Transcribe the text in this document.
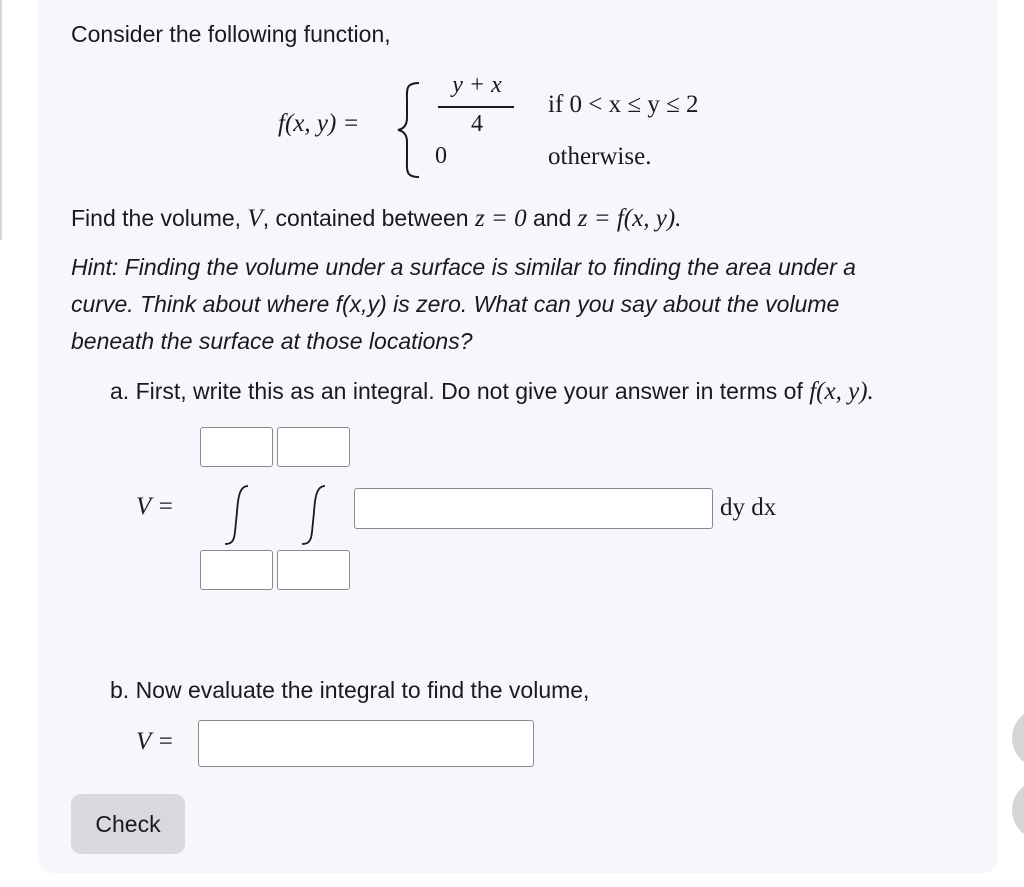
Consider the following function,
f(x, y) =
y + x
4
0
if 0 < x ≤ y ≤ 2
otherwise.
Find the volume, V, contained between z = 0 and z = f(x, y).
Hint: Finding the volume under a surface is similar to finding the area under a
curve. Think about where f(x,y) is zero. What can you say about the volume
beneath the surface at those locations?
a. First, write this as an integral. Do not give your answer in terms of f(x, y).
V =	dy dx
b. Now evaluate the integral to find the volume,
V =
Check
